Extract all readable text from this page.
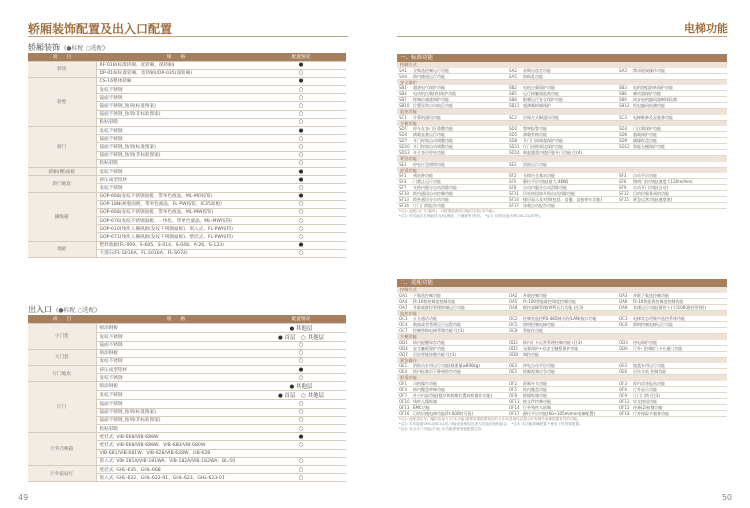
轿厢装饰配置及出入口配置
轿厢装饰 (●标配 ○选配)
项　　目	规　　格	配置情况
轿顶	RF-018(标准轿厢、宽轿厢、深轿厢)	●
	DP-016(标准轿厢、宽轿厢)/DP-035(深轿厢)	○
轿壁	CS-16整体轿厢	●
	发纹不锈钢	○
	镜面不锈钢	○
	镜面不锈钢_蚀刻(标准图案)	○
	镜面不锈钢_蚀刻(非标准图案)	○
	粘贴彩膜	○
轿门	发纹不锈钢	●
	镜面不锈钢	○
	镜面不锈钢_蚀刻(标准图案)	○
	镜面不锈钢_蚀刻(非标准图案)	○
	粘贴彩膜	○
轿厢(侧)面板	发纹不锈钢	●
轿门地坎	挤压成型铝材	●
	发纹不锈钢	○
操纵箱	GOP-668(发纹不锈钢面板、带单色液晶、ML-MO按钮)	●
	GOP-18N(树脂面板、带单色液晶、FL-PW按钮、IC35面板)	○
	GOP-668(发纹不锈钢面板、带单色液晶、ML-MW按钮)	○
	GOP-676(发纹不锈钢面板、一体化、带单色液晶、ML-MW按钮)	○
	GOP-610(残疾人操纵箱(发纹不锈钢面板)、嵌入式、FL-PW按钮)	○
	GOP-671(残疾人操纵箱(发纹不锈钢面板)、壁挂式、FL-PW按钮)	○
地板	塑料地板(FL-009、S-695、S-014、S-048、A-26、S-133)	●
	大理石(FL-S016A、FL-S016A、FL-S074)	○
出入口 (●标配 ○选配)
项　　目	规　　格	配置情况
小门套	喷涂钢板	● 其他层
	发纹不锈钢	● 首层　○ 其他层
	镜面不锈钢	○
大门套	喷涂钢板	○
	发纹不锈钢	○
厅门地坎	挤压成型铝材	●
	发纹不锈钢	○
厅门	喷涂钢板	● 其他层
	发纹不锈钢	● 首层　○ 其他层
	镜面不锈钢	○
	镜面不锈钢_蚀刻(标准图案)	○
	镜面不锈钢_蚀刻(非标准图案)	○
	粘贴彩膜	○
厅外召唤箱	壁挂式: VIB-668/VIB-688W	●
	壁挂式: VIB-668/VIB-688W、VIB-680/VIB-680W	○
	VIB-681/VIB-681W、VIB-628/VIB-628W、HB-628	
	嵌入式: VIB-181A/VIB-181WA、VIB-182A/VIB-182WA、BL-50	○
厅外报站灯	壁挂式: GHL-635、GHL-668	○
	嵌入式: GHL-622、GHL-622-01、GHL-623、GHL-623-01	○
49
电梯功能
一、标准功能
控制方式
SA1	全集选控制运行功能	SA2	星期自选定功能	SA3	禁闭轮候操作功能
SA4	轿内楼道运行功能	SA5	防捣乱功能
安全保护
SB1	超速电气保护功能	SB2	电机过载保护功能	SB3	电机绕组防转保护功能
SB4	电动机过载(热)保护功能	SB5	运行接触器监视功能	SB6	制动器保护功能
SB7	终端层减速保护功能	SB8	限制运行安全保护功能	SB9	同步电机编码器断线检测
SB10 位置异常自动校正功能	SB11 超满载轿厢保护	SB12 机电编码检测功能
监控功能
SC1	计算机通讯功能	SC2	层间方式断通讯功能	SC3	电梯维修及显服务功能
方便功能
SD1	停车在各门区重整功能	SD2	警钟报警功能	SD3	门过载保护功能
SD4	满载直驶运行功能	SD5	满载旁路功能	SD6	超载保护功能
SD7	开门时间自动调整功能	SD8	开门门间调超保护功能	SD9	副操纵盘功能
SD10 开门时间自动调整功能	SD11 厅门闭锁到达保护功能	SD12 智能无模保护功能
SD13 开合各层停站功能	SD14 刻起超重内楼层服开门功能 (注4)
紧急功能
SE1	停电应急照明功能	SE2	消防运行功能
舒适功能
SF1	到站钟功能	SF2	支撑台全基站功能	SF3	自动平层功能
SF4	门禁止运行功能	SF5	静拉平层功能(最大:4KW)	SF6	照明门控功能(速度大120m/min)
SF7	支持内服分自动消除功能	SF8	自动内服分自动消除功能	SF9	自动开门功能(自动)
SF10	轿内通讯自动控制功能	SF11	层站按钮如开始自动消除功能	SF12	目的层服务预约功能
SF13	轿外通讯分自动功能	SF14	楼层显示及对照(包括、直播、直接停车功能)	SF15	紧急运营功能(速度低)
SF16	厅门门锁报告功能	SF17	异载自动报告功能
*注1: 选配(无门门槛时)、可配置新颖类功能的安装(本功能)。
*注2: 该功能仅在满载时具有(满载、不满载等)有效。 *注3: 控制设备(SMC)ACGL(同等)。
二、选配功能
控制方式
OA1	下集选控制功能	OA2	并联控制功能	OA3	并联下集选控制功能
OA4	Ft-10群控调度控制功能	OA5	Ft-100智能群控调度控制功能	OA6	Ft-10智能群控调度控制功能
OA7	并联或群控管理轿厢运行功能	OA8	群控高峰管理(VIP)运行功能 (注3)	OA9	具楼运行功能(群控十(不)100(群控管理))
监控功能
OC1	五方通话功能	OC2	控制室监控RS-485制式的(LAN)接口功能	OC3	电梯状态用集中监控系统功能
OC4	数据或者管理运行远程功能	OC5	照明控制电梯功能	OC6	照明控制电梯运行功能
OC7	控制带路电梯管理功能 (注3)	OC8	智能化功能
方便功能
OD1	轿内提醒保存功能	OD2	轿内汇卡运营管理控制功能 (注3)	OD3	待电保护功能
OD4	安全触板保护功能	OD5	光幕保护+双安全触板保护功能	OD6	厅外门控制/门卡开通门功能
OD7	层次智能按键功能 (注3)	OD8	调控功能
紧急操作
OE1	消防员专用运行功能(载重量≥800kg)	OE2	停电自动平层功能	OE3	地震专用运行功能
OE4	轿内标准层下降到防空功能	OE5	轿厢视频应急功能	OE6	层次分流 控制功能
舒适功能
OF1	司机操作功能	OF2	轿厢开关功能	OF3	轿内语音报站功能
OF4	轿内键盘呼梯功能	OF5	轿内键盘功能	OF6	厅外显示功能
OF7	外召内显功能(楼层和轿厢位置同机操作功能)	OF8	群操纵箱功能	OF9	厅门门锁 (注3)
OF10 残疾人操纵箱	OF11 接文件控制功能	OF12 盲文按钮功能
OF13 EMC功能	OF14 厅外残疾人轿厢	OF15 待乘(2)按键功能
OF16 目的层楼电梯功能(Ft-600时可选)	OF17 静拉平层功能(60~105m/min电梯配置)	OF18 厅外保险卡服务功能
*注1: 选配超出车门槛的连接方式(本功能)需要电梯配置相应的方法或者相信以提示时有额外电梯配置有效的功能。
*注2: 本功能需SMC或ACGL的,可能设备相组也需与其他设备相组合。 *注3: 本功能需确配置不使用上时需要配置。
*注4: 安全开门功能(手动),本功能需要电梯配置支持。
50
